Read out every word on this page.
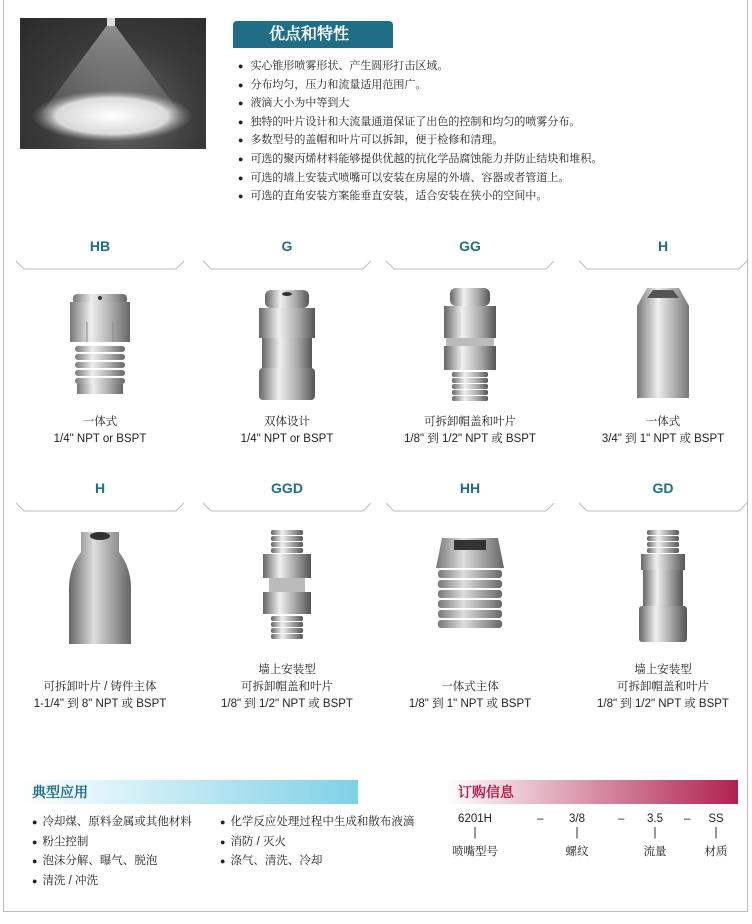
优点和特性
● 实心锥形喷雾形状、产生圆形打击区域。
● 分布均匀，压力和流量适用范围广。
● 液滴大小为中等到大
● 独特的叶片设计和大流量通道保证了出色的控制和均匀的喷雾分布。
● 多数型号的盖帽和叶片可以拆卸，便于检修和清理。
● 可选的聚丙烯材料能够提供优越的抗化学品腐蚀能力并防止结块和堆积。
● 可选的墙上安装式喷嘴可以安装在房屋的外墙、容器或者管道上。
● 可选的直角安装方案能垂直安装，适合安装在狭小的空间中。
HB
一体式
1/4" NPT or BSPT
G
双体设计
1/4" NPT or BSPT
GG
可拆卸帽盖和叶片
1/8" 到 1/2" NPT 或 BSPT
H
一体式
3/4" 到 1" NPT 或 BSPT
H
可拆卸叶片 / 铸件主体
1-1/4" 到 8" NPT 或 BSPT
GGD
墙上安装型
可拆卸帽盖和叶片
1/8" 到 1/2" NPT 或 BSPT
HH
一体式主体
1/8" 到 1" NPT 或 BSPT
GD
墙上安装型
可拆卸帽盖和叶片
1/8" 到 1/2" NPT 或 BSPT
典型应用
● 冷却煤、原料金属或其他材料
● 粉尘控制
● 泡沫分解、曝气、脱泡
● 清洗 / 冲洗
● 化学反应处理过程中生成和散布液滴
● 消防 / 灭火
● 涤气、清洗、冷却
订购信息
6201H
|
喷嘴型号
3/8
|
螺纹
3.5
|
流量
SS
|
材质
–	–	–
